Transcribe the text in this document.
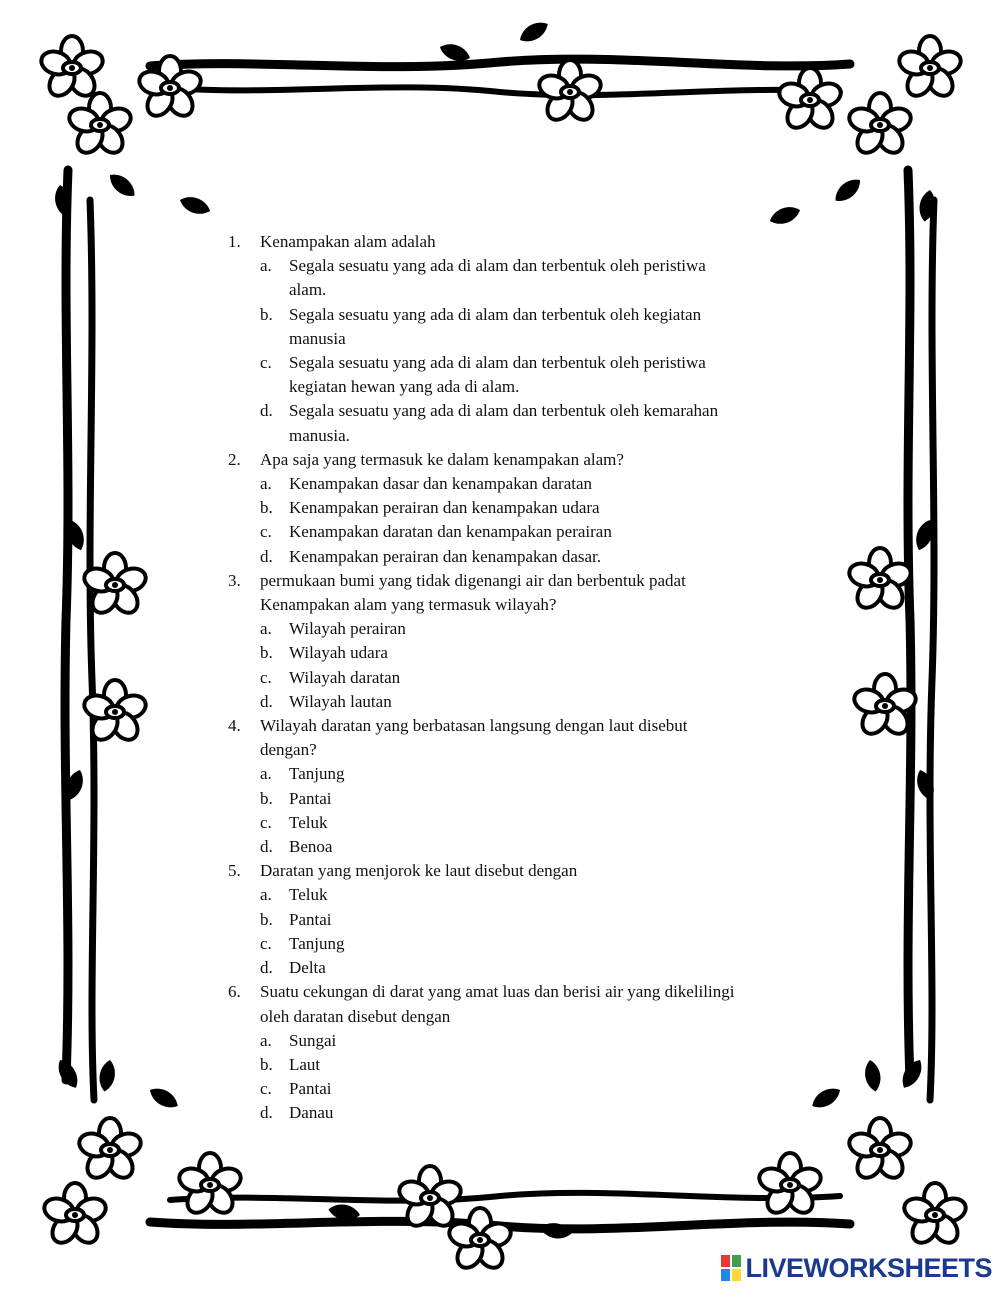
1.	Kenampakan alam adalah
a. Segala sesuatu yang ada di alam dan terbentuk oleh peristiwa
alam.
b. Segala sesuatu yang ada di alam dan terbentuk oleh kegiatan
manusia
c. Segala sesuatu yang ada di alam dan terbentuk oleh peristiwa
kegiatan hewan yang ada di alam.
d. Segala sesuatu yang ada di alam dan terbentuk oleh kemarahan
manusia.
2.	Apa saja yang termasuk ke dalam kenampakan alam?
a. Kenampakan dasar dan kenampakan daratan
b. Kenampakan perairan dan kenampakan udara
c. Kenampakan daratan dan kenampakan perairan
d. Kenampakan perairan dan kenampakan dasar.
3.	permukaan bumi yang tidak digenangi air dan berbentuk padat
Kenampakan alam yang termasuk wilayah?
a. Wilayah perairan
b. Wilayah udara
c. Wilayah daratan
d. Wilayah lautan
4.	Wilayah daratan yang berbatasan langsung dengan laut disebut
dengan?
a. Tanjung
b. Pantai
c. Teluk
d. Benoa
5.	Daratan yang menjorok ke laut disebut dengan
a. Teluk
b. Pantai
c. Tanjung
d. Delta
6.	Suatu cekungan di darat yang amat luas dan berisi air yang dikelilingi
oleh daratan disebut dengan
a. Sungai
b. Laut
c. Pantai
d. Danau
LIVEWORKSHEETS
